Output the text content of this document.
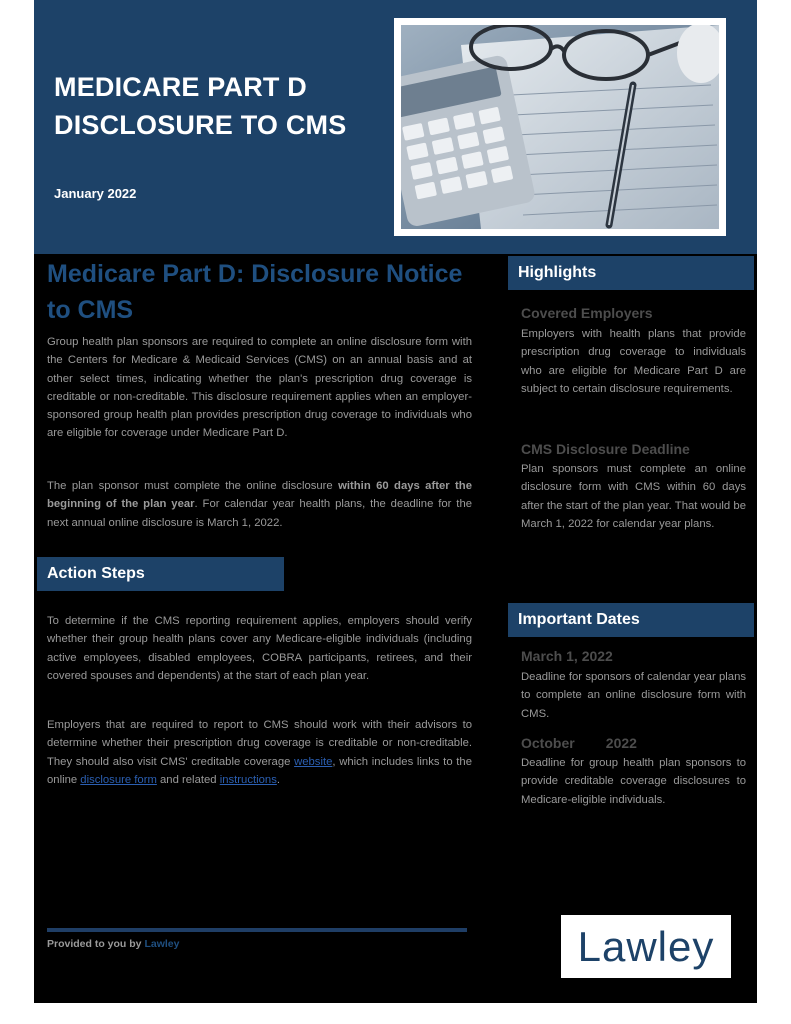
MEDICARE PART D DISCLOSURE TO CMS
January 2022
Medicare Part D: Disclosure Notice to CMS

Group health plan sponsors are required to complete an online disclosure form with the Centers for Medicare & Medicaid Services (CMS) on an annual basis and at other select times, indicating whether the plan's prescription drug coverage is creditable or non-creditable. This disclosure requirement applies when an employer-sponsored group health plan provides prescription drug coverage to individuals who are eligible for coverage under Medicare Part D.

The plan sponsor must complete the online disclosure within 60 days after the beginning of the plan year. For calendar year health plans, the deadline for the next annual online disclosure is March 1, 2022.

Action Steps

To determine if the CMS reporting requirement applies, employers should verify whether their group health plans cover any Medicare-eligible individuals (including active employees, disabled employees, COBRA participants, retirees, and their covered spouses and dependents) at the start of each plan year.

Employers that are required to report to CMS should work with their advisors to determine whether their prescription drug coverage is creditable or non-creditable. They should also visit CMS' creditable coverage website, which includes links to the online disclosure form and related instructions.

Highlights
Covered Employers

Employers with health plans that provide prescription drug coverage to individuals who are eligible for Medicare Part D are subject to certain disclosure requirements.

CMS Disclosure Deadline

Plan sponsors must complete an online disclosure form with CMS within 60 days after the start of the plan year. That would be March 1, 2022 for calendar year plans.

Important Dates
March 1, 2022

Deadline for sponsors of calendar year plans to complete an online disclosure form with CMS.

October        2022

Deadline for group health plan sponsors to provide creditable coverage disclosures to Medicare-eligible individuals.

Provided to you by Lawley	Lawley
